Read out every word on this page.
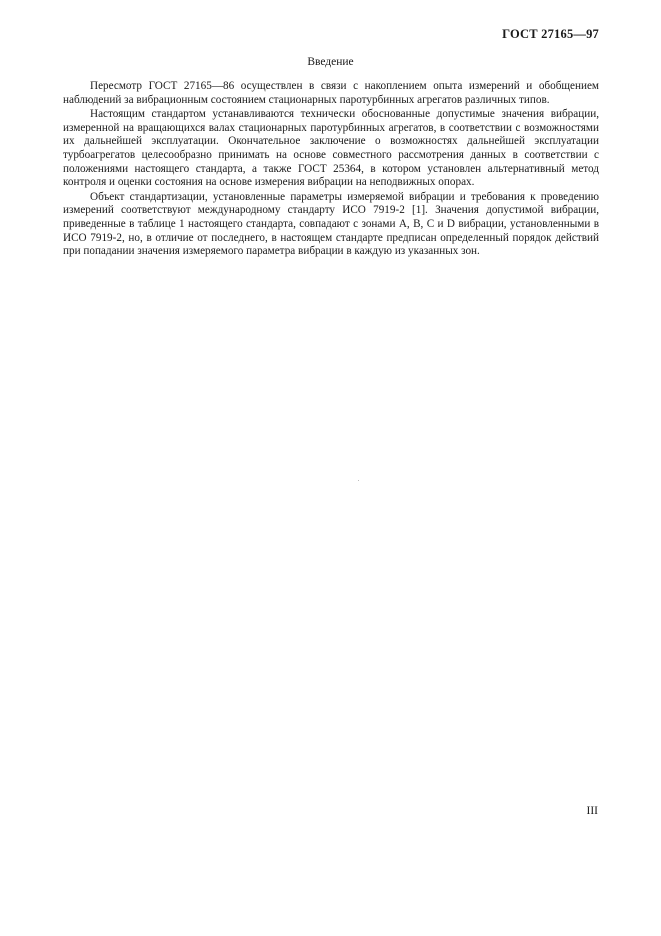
ГОСТ 27165—97
Введение

Пересмотр ГОСТ 27165—86 осуществлен в связи с накоплением опыта измерений и обобщением наблюдений за вибрационным состоянием стационарных паротурбинных агрегатов различных типов.

Настоящим стандартом устанавливаются технически обоснованные допустимые значения вибрации, измеренной на вращающихся валах стационарных паротурбинных агрегатов, в соответствии с возможностями их дальнейшей эксплуатации. Окончательное заключение о возможностях дальнейшей эксплуатации турбоагрегатов целесообразно принимать на основе совместного рассмотрения данных в соответствии с положениями настоящего стандарта, а также ГОСТ 25364, в котором установлен альтернативный метод контроля и оценки состояния на основе измерения вибрации на неподвижных опорах.

Объект стандартизации, установленные параметры измеряемой вибрации и требования к проведению измерений соответствуют международному стандарту ИСО 7919-2 [1]. Значения допустимой вибрации, приведенные в таблице 1 настоящего стандарта, совпадают с зонами A, B, C и D вибрации, установленными в ИСО 7919-2, но, в отличие от последнего, в настоящем стандарте предписан определенный порядок действий при попадании значения измеряемого параметра вибрации в каждую из указанных зон.

III
